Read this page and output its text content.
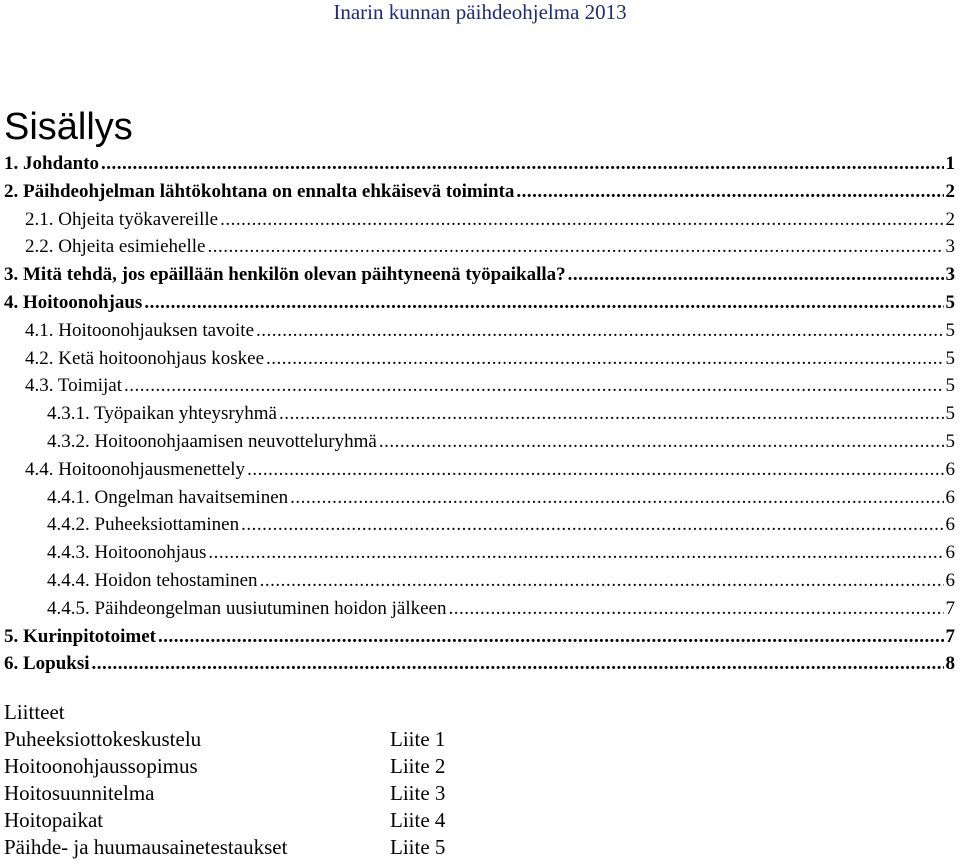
Inarin kunnan päihdeohjelma 2013
Sisällys
1. Johdanto .....	1
2. Päihdeohjelman lähtökohtana on ennalta ehkäisevä toiminta .....	2
2.1. Ohjeita työkavereille .....	2
2.2. Ohjeita esimiehelle .....	3
3. Mitä tehdä, jos epäillään henkilön olevan päihtyneenä työpaikalla? .....	3
4. Hoitoonohjaus .....	5
4.1. Hoitoonohjauksen tavoite .....	5
4.2. Ketä hoitoonohjaus koskee .....	5
4.3. Toimijat .....	5
4.3.1. Työpaikan yhteysryhmä .....	5
4.3.2. Hoitoonohjaamisen neuvotteluryhmä .....	5
4.4. Hoitoonohjausmenettely .....	6
4.4.1. Ongelman havaitseminen .....	6
4.4.2. Puheeksiottaminen .....	6
4.4.3. Hoitoonohjaus .....	6
4.4.4. Hoidon tehostaminen .....	6
4.4.5. Päihdeongelman uusiutuminen hoidon jälkeen .....	7
5. Kurinpitotoimet .....	7
6. Lopuksi .....	8
Liitteet
Puheeksiottokeskustelu	Liite 1
Hoitoonohjaussopimus	Liite 2
Hoitosuunnitelma	Liite 3
Hoitopaikat	Liite 4
Päihde- ja huumausainetestaukset	Liite 5
